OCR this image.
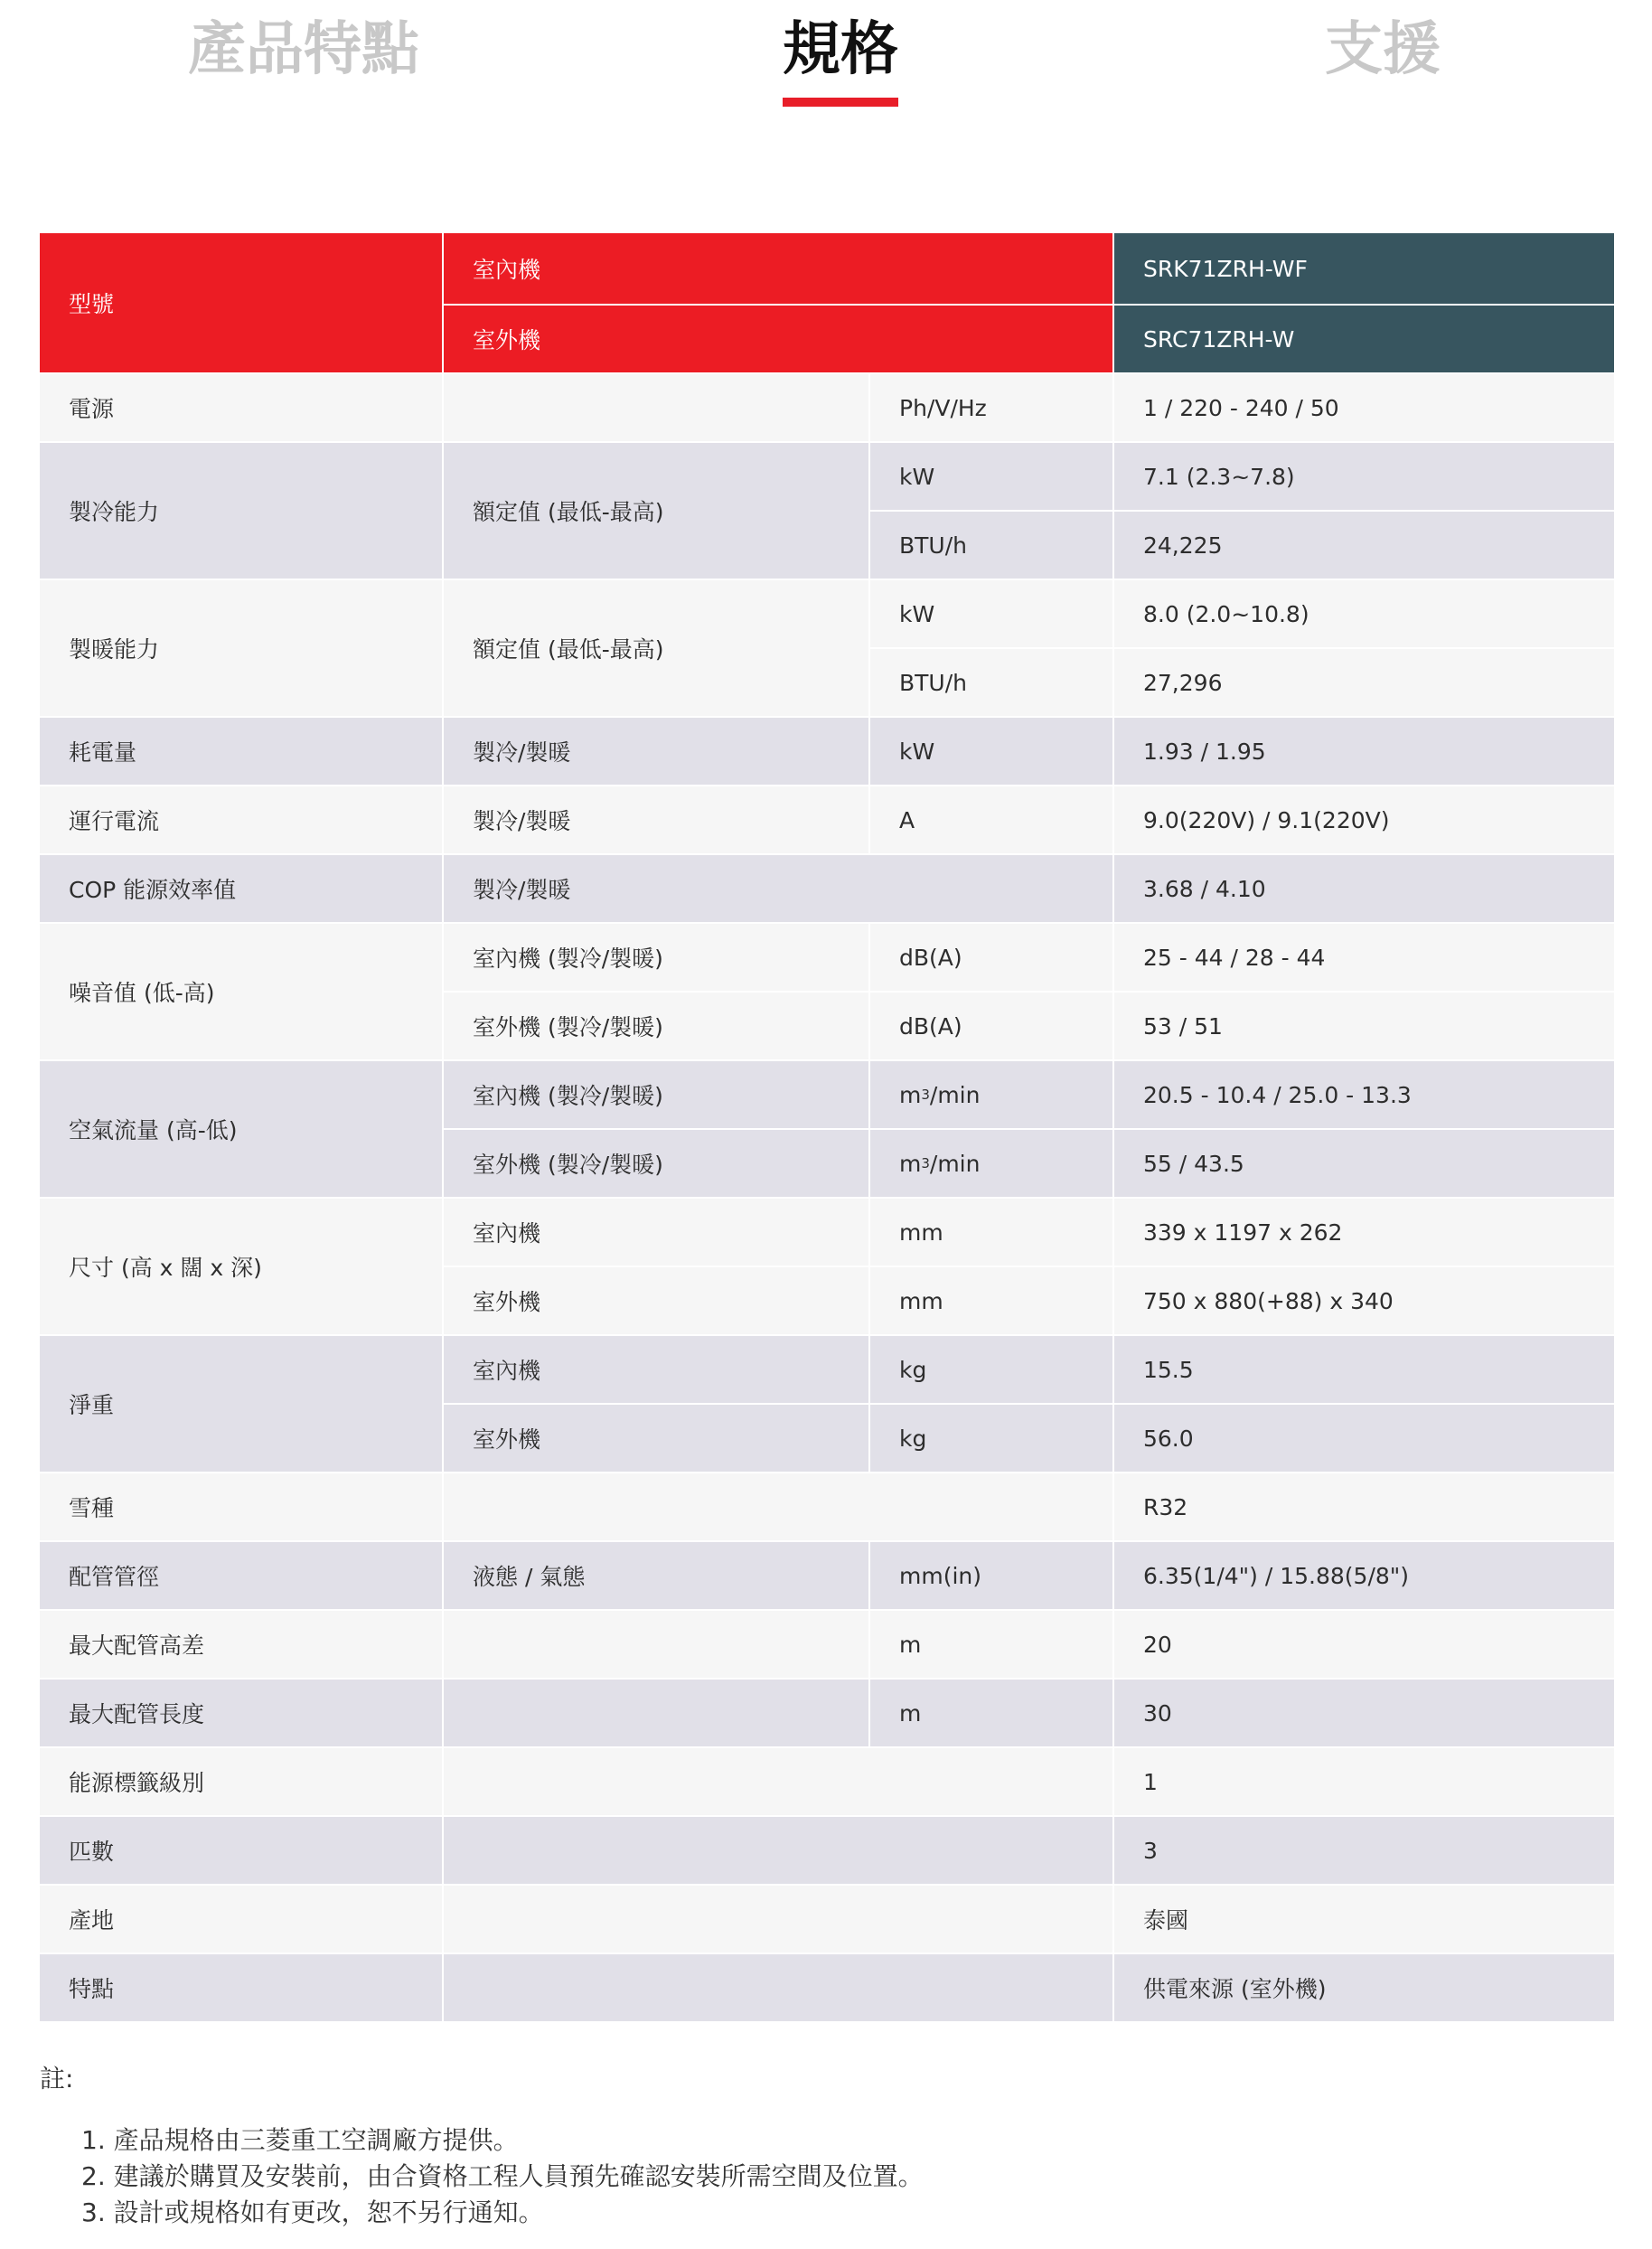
產品特點	規格	支援
型號
室內機	SRK71ZRH-WF
室外機	SRC71ZRH-W
電源	Ph/V/Hz	1 / 220 - 240 / 50
製冷能力	額定值 (最低-最高)
kW	7.1 (2.3~7.8)
BTU/h	24,225
製暖能力	額定值 (最低-最高)
kW	8.0 (2.0~10.8)
BTU/h	27,296
耗電量	製冷/製暖	kW	1.93 / 1.95
運行電流	製冷/製暖	A	9.0(220V) / 9.1(220V)
COP 能源效率值	製冷/製暖	3.68 / 4.10
噪音值 (低-高)
室內機 (製冷/製暖)	dB(A)	25 - 44 / 28 - 44
室外機 (製冷/製暖)	dB(A)	53 / 51
空氣流量 (高-低)
室內機 (製冷/製暖)	m 3 /min	20.5 - 10.4 / 25.0 - 13.3
室外機 (製冷/製暖)	m 3 /min	55 / 43.5
尺寸 (高 x 闊 x 深)
室內機	mm	339 x 1197 x 262
室外機	mm	750 x 880(+88) x 340
淨重
室內機	kg	15.5
室外機	kg	56.0
雪種	R32
配管管徑	液態 / 氣態	mm(in)	6.35(1/4") / 15.88(5/8")
最大配管高差	m	20
最大配管長度	m	30
能源標籤級別	1
匹數	3
產地	泰國
特點	供電來源 (室外機)

註:

1. 產品規格由三菱重工空調廠方提供。
2. 建議於購買及安裝前，由合資格工程人員預先確認安裝所需空間及位置。
3. 設計或規格如有更改，恕不另行通知。
